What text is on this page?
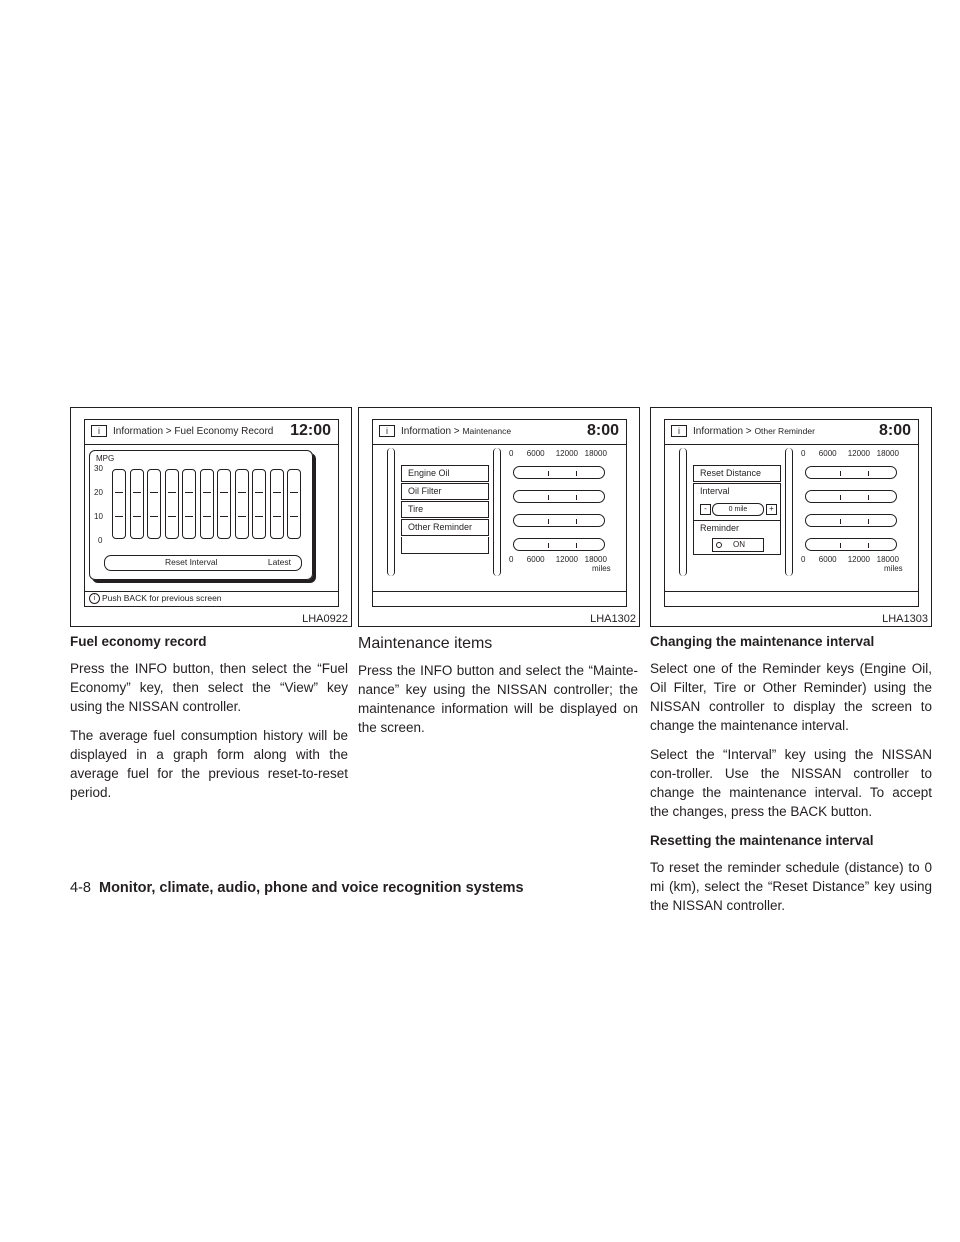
i	Information > Fuel Economy Record 12:00
MPG
30
20
10
0
Reset Interval	Latest
i Push BACK for previous screen
LHA0922
i	Information > Maintenance	8:00
Engine Oil
Oil Filter
Tire
Other Reminder
0 6000 12000 18000
0 6000 12000 18000
miles
LHA1302
i	Information > Other Reminder	8:00
Reset Distance
Interval
-	0 mile	+
Reminder
ON
0 6000 12000 18000
0 6000 12000 18000
miles
LHA1303
Fuel economy record

Press the INFO button, then select the “Fuel Economy” key, then select the “View” key using the NISSAN controller.

The average fuel consumption history will be displayed in a graph form along with the average fuel for the previous reset-to-reset period.

Maintenance items

Press the INFO button and select the “Mainte-nance” key using the NISSAN controller; the maintenance information will be displayed on the screen.

Changing the maintenance interval

Select one of the Reminder keys (Engine Oil, Oil Filter, Tire or Other Reminder) using the NISSAN controller to display the screen to change the maintenance interval.

Select the “Interval” key using the NISSAN con-troller. Use the NISSAN controller to change the maintenance interval. To accept the changes, press the BACK button.

Resetting the maintenance interval

To reset the reminder schedule (distance) to 0 mi (km), select the “Reset Distance” key using the NISSAN controller.

4-8 Monitor, climate, audio, phone and voice recognition systems
